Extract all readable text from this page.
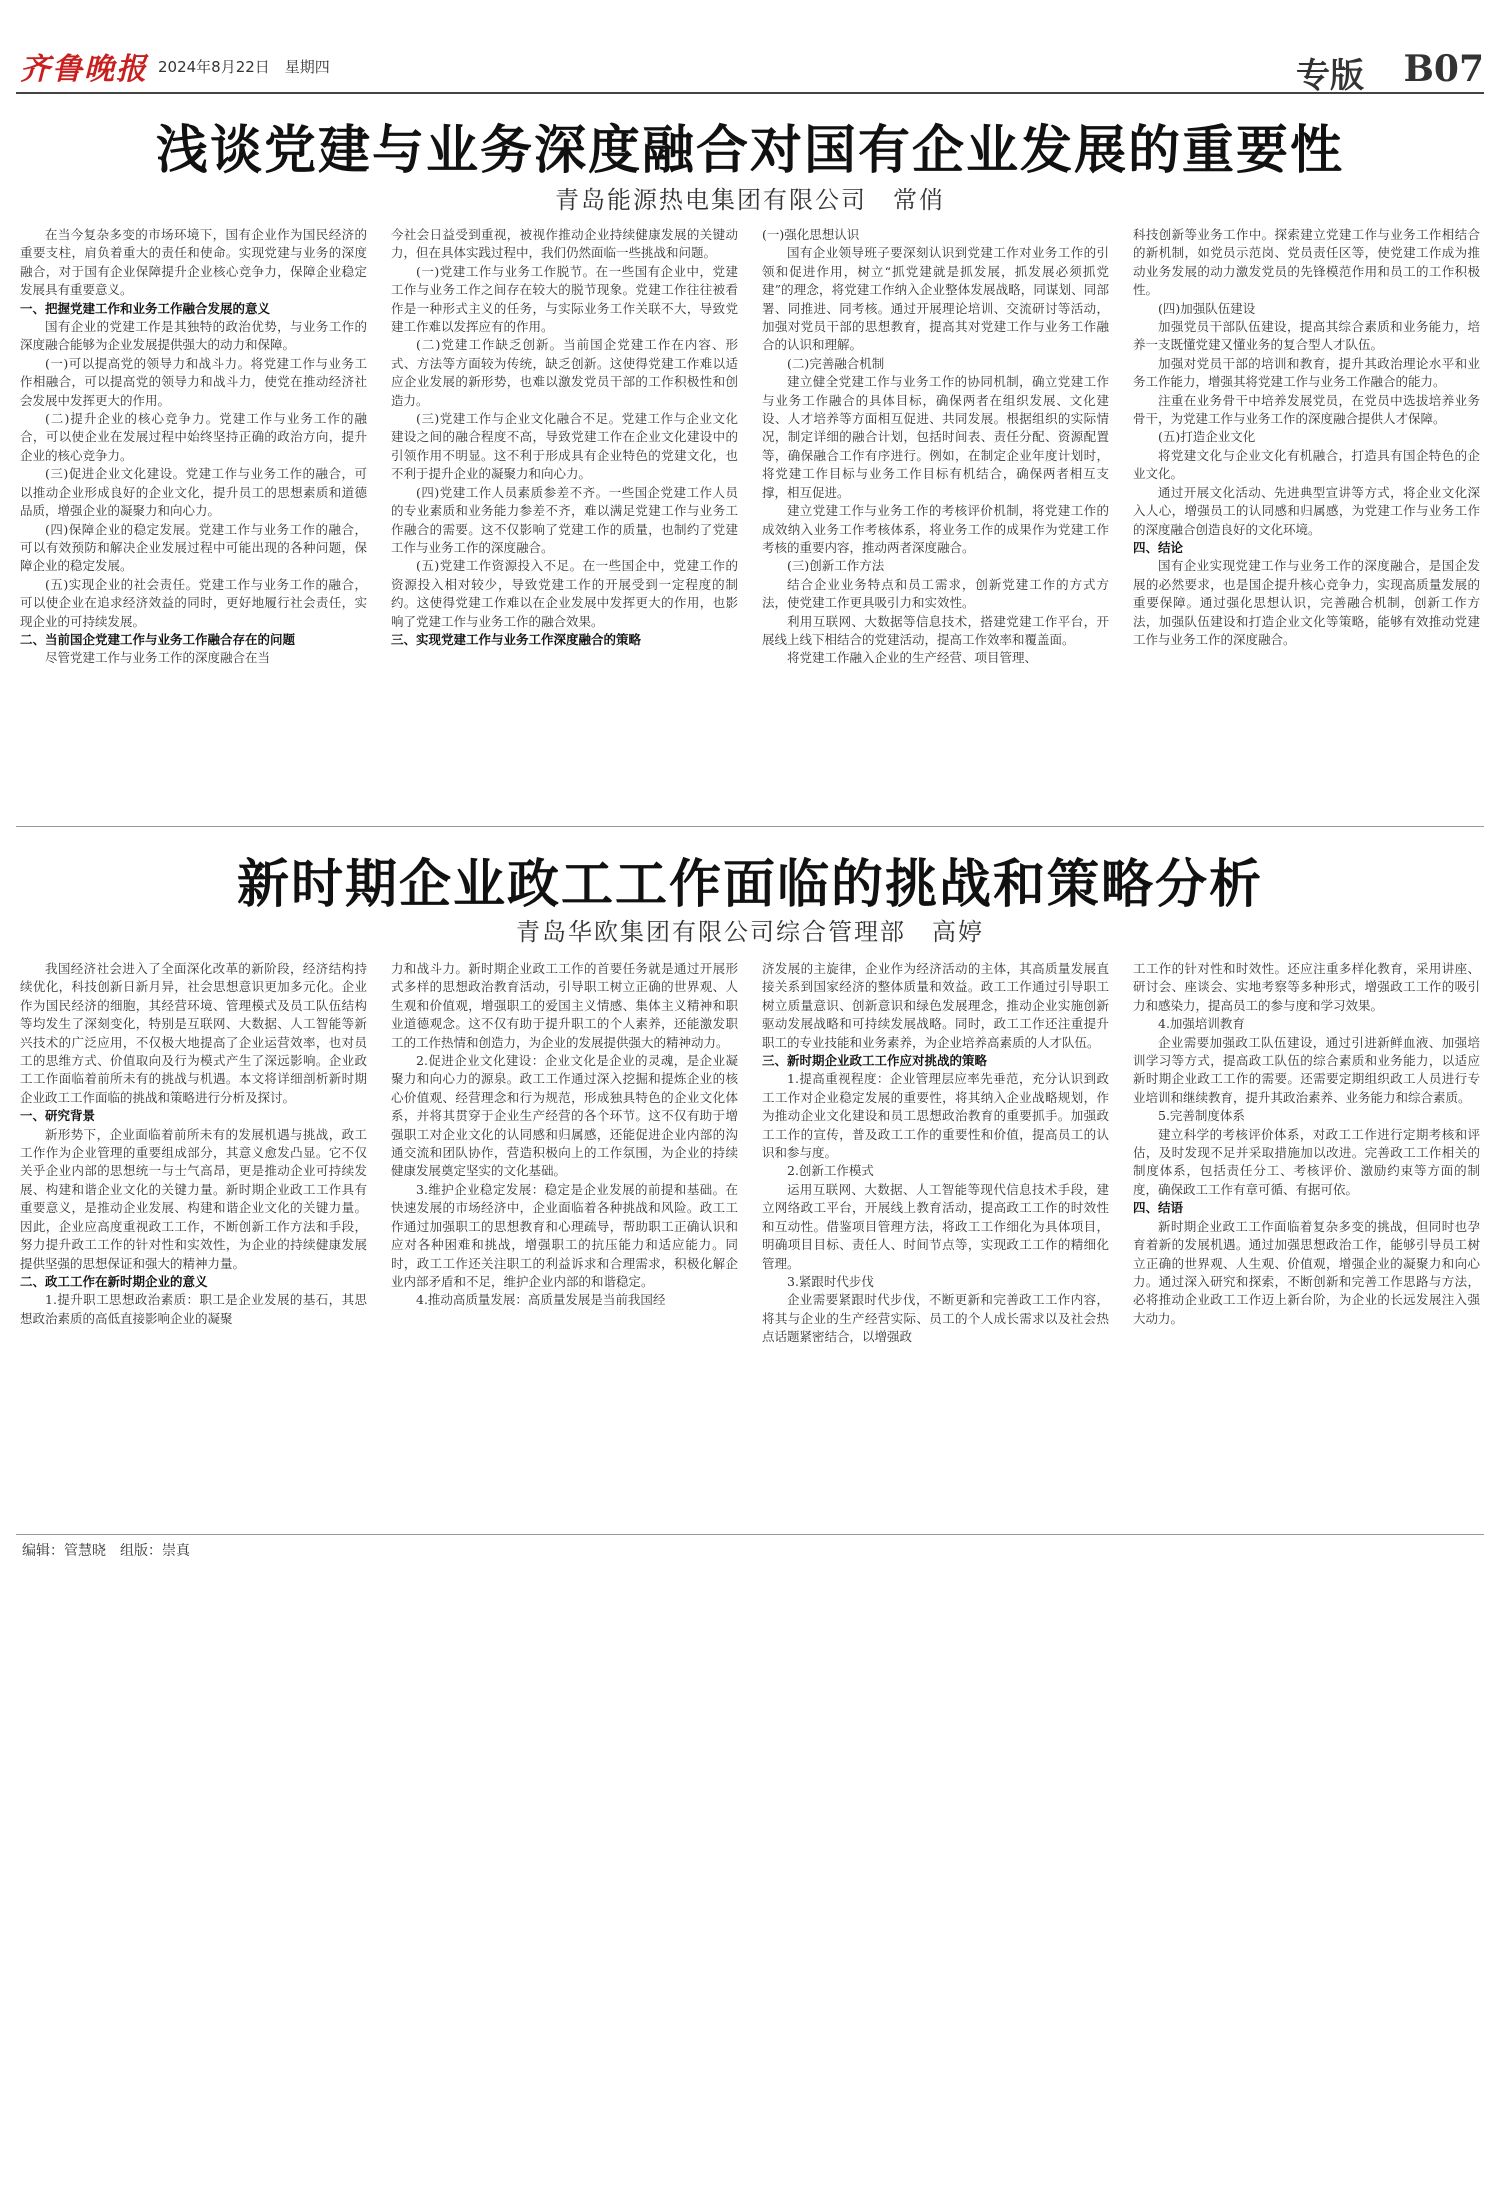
齐鲁晚报 2024年8月22日　星期四	专版 B07
浅谈党建与业务深度融合对国有企业发展的重要性
青岛能源热电集团有限公司　常俏

在当今复杂多变的市场环境下，国有企业作为国民经济的重要支柱，肩负着重大的责任和使命。实现党建与业务的深度融合，对于国有企业保障提升企业核心竞争力，保障企业稳定发展具有重要意义。

一、把握党建工作和业务工作融合发展的意义

国有企业的党建工作是其独特的政治优势，与业务工作的深度融合能够为企业发展提供强大的动力和保障。

(一)可以提高党的领导力和战斗力。将党建工作与业务工作相融合，可以提高党的领导力和战斗力，使党在推动经济社会发展中发挥更大的作用。

(二)提升企业的核心竞争力。党建工作与业务工作的融合，可以使企业在发展过程中始终坚持正确的政治方向，提升企业的核心竞争力。

(三)促进企业文化建设。党建工作与业务工作的融合，可以推动企业形成良好的企业文化，提升员工的思想素质和道德品质，增强企业的凝聚力和向心力。

(四)保障企业的稳定发展。党建工作与业务工作的融合，可以有效预防和解决企业发展过程中可能出现的各种问题，保障企业的稳定发展。

(五)实现企业的社会责任。党建工作与业务工作的融合，可以使企业在追求经济效益的同时，更好地履行社会责任，实现企业的可持续发展。

二、当前国企党建工作与业务工作融合存在的问题

尽管党建工作与业务工作的深度融合在当

今社会日益受到重视，被视作推动企业持续健康发展的关键动力，但在具体实践过程中，我们仍然面临一些挑战和问题。

(一)党建工作与业务工作脱节。在一些国有企业中，党建工作与业务工作之间存在较大的脱节现象。党建工作往往被看作是一种形式主义的任务，与实际业务工作关联不大，导致党建工作难以发挥应有的作用。

(二)党建工作缺乏创新。当前国企党建工作在内容、形式、方法等方面较为传统，缺乏创新。这使得党建工作难以适应企业发展的新形势，也难以激发党员干部的工作积极性和创造力。

(三)党建工作与企业文化融合不足。党建工作与企业文化建设之间的融合程度不高，导致党建工作在企业文化建设中的引领作用不明显。这不利于形成具有企业特色的党建文化，也不利于提升企业的凝聚力和向心力。

(四)党建工作人员素质参差不齐。一些国企党建工作人员的专业素质和业务能力参差不齐，难以满足党建工作与业务工作融合的需要。这不仅影响了党建工作的质量，也制约了党建工作与业务工作的深度融合。

(五)党建工作资源投入不足。在一些国企中，党建工作的资源投入相对较少，导致党建工作的开展受到一定程度的制约。这使得党建工作难以在企业发展中发挥更大的作用，也影响了党建工作与业务工作的融合效果。

三、实现党建工作与业务工作深度融合的策略

(一)强化思想认识

国有企业领导班子要深刻认识到党建工作对业务工作的引领和促进作用，树立“抓党建就是抓发展，抓发展必须抓党建”的理念，将党建工作纳入企业整体发展战略，同谋划、同部署、同推进、同考核。通过开展理论培训、交流研讨等活动，加强对党员干部的思想教育，提高其对党建工作与业务工作融合的认识和理解。

(二)完善融合机制

建立健全党建工作与业务工作的协同机制，确立党建工作与业务工作融合的具体目标，确保两者在组织发展、文化建设、人才培养等方面相互促进、共同发展。根据组织的实际情况，制定详细的融合计划，包括时间表、责任分配、资源配置等，确保融合工作有序进行。例如，在制定企业年度计划时，将党建工作目标与业务工作目标有机结合，确保两者相互支撑，相互促进。

建立党建工作与业务工作的考核评价机制，将党建工作的成效纳入业务工作考核体系，将业务工作的成果作为党建工作考核的重要内容，推动两者深度融合。

(三)创新工作方法

结合企业业务特点和员工需求，创新党建工作的方式方法，使党建工作更具吸引力和实效性。

利用互联网、大数据等信息技术，搭建党建工作平台，开展线上线下相结合的党建活动，提高工作效率和覆盖面。

将党建工作融入企业的生产经营、项目管理、

科技创新等业务工作中。探索建立党建工作与业务工作相结合的新机制，如党员示范岗、党员责任区等，使党建工作成为推动业务发展的动力激发党员的先锋模范作用和员工的工作积极性。

(四)加强队伍建设

加强党员干部队伍建设，提高其综合素质和业务能力，培养一支既懂党建又懂业务的复合型人才队伍。

加强对党员干部的培训和教育，提升其政治理论水平和业务工作能力，增强其将党建工作与业务工作融合的能力。

注重在业务骨干中培养发展党员，在党员中选拔培养业务骨干，为党建工作与业务工作的深度融合提供人才保障。

(五)打造企业文化

将党建文化与企业文化有机融合，打造具有国企特色的企业文化。

通过开展文化活动、先进典型宣讲等方式，将企业文化深入人心，增强员工的认同感和归属感，为党建工作与业务工作的深度融合创造良好的文化环境。

四、结论

国有企业实现党建工作与业务工作的深度融合，是国企发展的必然要求，也是国企提升核心竞争力，实现高质量发展的重要保障。通过强化思想认识，完善融合机制，创新工作方法，加强队伍建设和打造企业文化等策略，能够有效推动党建工作与业务工作的深度融合。

新时期企业政工工作面临的挑战和策略分析
青岛华欧集团有限公司综合管理部　高婷

我国经济社会进入了全面深化改革的新阶段，经济结构持续优化，科技创新日新月异，社会思想意识更加多元化。企业作为国民经济的细胞，其经营环境、管理模式及员工队伍结构等均发生了深刻变化，特别是互联网、大数据、人工智能等新兴技术的广泛应用，不仅极大地提高了企业运营效率，也对员工的思维方式、价值取向及行为模式产生了深远影响。企业政工工作面临着前所未有的挑战与机遇。本文将详细剖析新时期企业政工工作面临的挑战和策略进行分析及探讨。

一、研究背景

新形势下，企业面临着前所未有的发展机遇与挑战，政工工作作为企业管理的重要组成部分，其意义愈发凸显。它不仅关乎企业内部的思想统一与士气高昂，更是推动企业可持续发展、构建和谐企业文化的关键力量。新时期企业政工工作具有重要意义，是推动企业发展、构建和谐企业文化的关键力量。因此，企业应高度重视政工工作，不断创新工作方法和手段，努力提升政工工作的针对性和实效性，为企业的持续健康发展提供坚强的思想保证和强大的精神力量。

二、政工工作在新时期企业的意义

1.提升职工思想政治素质：职工是企业发展的基石，其思想政治素质的高低直接影响企业的凝聚

力和战斗力。新时期企业政工工作的首要任务就是通过开展形式多样的思想政治教育活动，引导职工树立正确的世界观、人生观和价值观，增强职工的爱国主义情感、集体主义精神和职业道德观念。这不仅有助于提升职工的个人素养，还能激发职工的工作热情和创造力，为企业的发展提供强大的精神动力。

2.促进企业文化建设：企业文化是企业的灵魂，是企业凝聚力和向心力的源泉。政工工作通过深入挖掘和提炼企业的核心价值观、经营理念和行为规范，形成独具特色的企业文化体系，并将其贯穿于企业生产经营的各个环节。这不仅有助于增强职工对企业文化的认同感和归属感，还能促进企业内部的沟通交流和团队协作，营造积极向上的工作氛围，为企业的持续健康发展奠定坚实的文化基础。

3.维护企业稳定发展：稳定是企业发展的前提和基础。在快速发展的市场经济中，企业面临着各种挑战和风险。政工工作通过加强职工的思想教育和心理疏导，帮助职工正确认识和应对各种困难和挑战，增强职工的抗压能力和适应能力。同时，政工工作还关注职工的利益诉求和合理需求，积极化解企业内部矛盾和不足，维护企业内部的和谐稳定。

4.推动高质量发展：高质量发展是当前我国经

济发展的主旋律，企业作为经济活动的主体，其高质量发展直接关系到国家经济的整体质量和效益。政工工作通过引导职工树立质量意识、创新意识和绿色发展理念，推动企业实施创新驱动发展战略和可持续发展战略。同时，政工工作还注重提升职工的专业技能和业务素养，为企业培养高素质的人才队伍。

三、新时期企业政工工作应对挑战的策略

1.提高重视程度：企业管理层应率先垂范，充分认识到政工工作对企业稳定发展的重要性，将其纳入企业战略规划，作为推动企业文化建设和员工思想政治教育的重要抓手。加强政工工作的宣传，普及政工工作的重要性和价值，提高员工的认识和参与度。

2.创新工作模式

运用互联网、大数据、人工智能等现代信息技术手段，建立网络政工平台，开展线上教育活动，提高政工工作的时效性和互动性。借鉴项目管理方法，将政工工作细化为具体项目，明确项目目标、责任人、时间节点等，实现政工工作的精细化管理。

3.紧跟时代步伐

企业需要紧跟时代步伐，不断更新和完善政工工作内容，将其与企业的生产经营实际、员工的个人成长需求以及社会热点话题紧密结合，以增强政

工工作的针对性和时效性。还应注重多样化教育，采用讲座、研讨会、座谈会、实地考察等多种形式，增强政工工作的吸引力和感染力，提高员工的参与度和学习效果。

4.加强培训教育

企业需要加强政工队伍建设，通过引进新鲜血液、加强培训学习等方式，提高政工队伍的综合素质和业务能力，以适应新时期企业政工工作的需要。还需要定期组织政工人员进行专业培训和继续教育，提升其政治素养、业务能力和综合素质。

5.完善制度体系

建立科学的考核评价体系，对政工工作进行定期考核和评估，及时发现不足并采取措施加以改进。完善政工工作相关的制度体系，包括责任分工、考核评价、激励约束等方面的制度，确保政工工作有章可循、有据可依。

四、结语

新时期企业政工工作面临着复杂多变的挑战，但同时也孕育着新的发展机遇。通过加强思想政治工作，能够引导员工树立正确的世界观、人生观、价值观，增强企业的凝聚力和向心力。通过深入研究和探索，不断创新和完善工作思路与方法，必将推动企业政工工作迈上新台阶，为企业的长远发展注入强大动力。

编辑：管慧晓　组版：崇真
